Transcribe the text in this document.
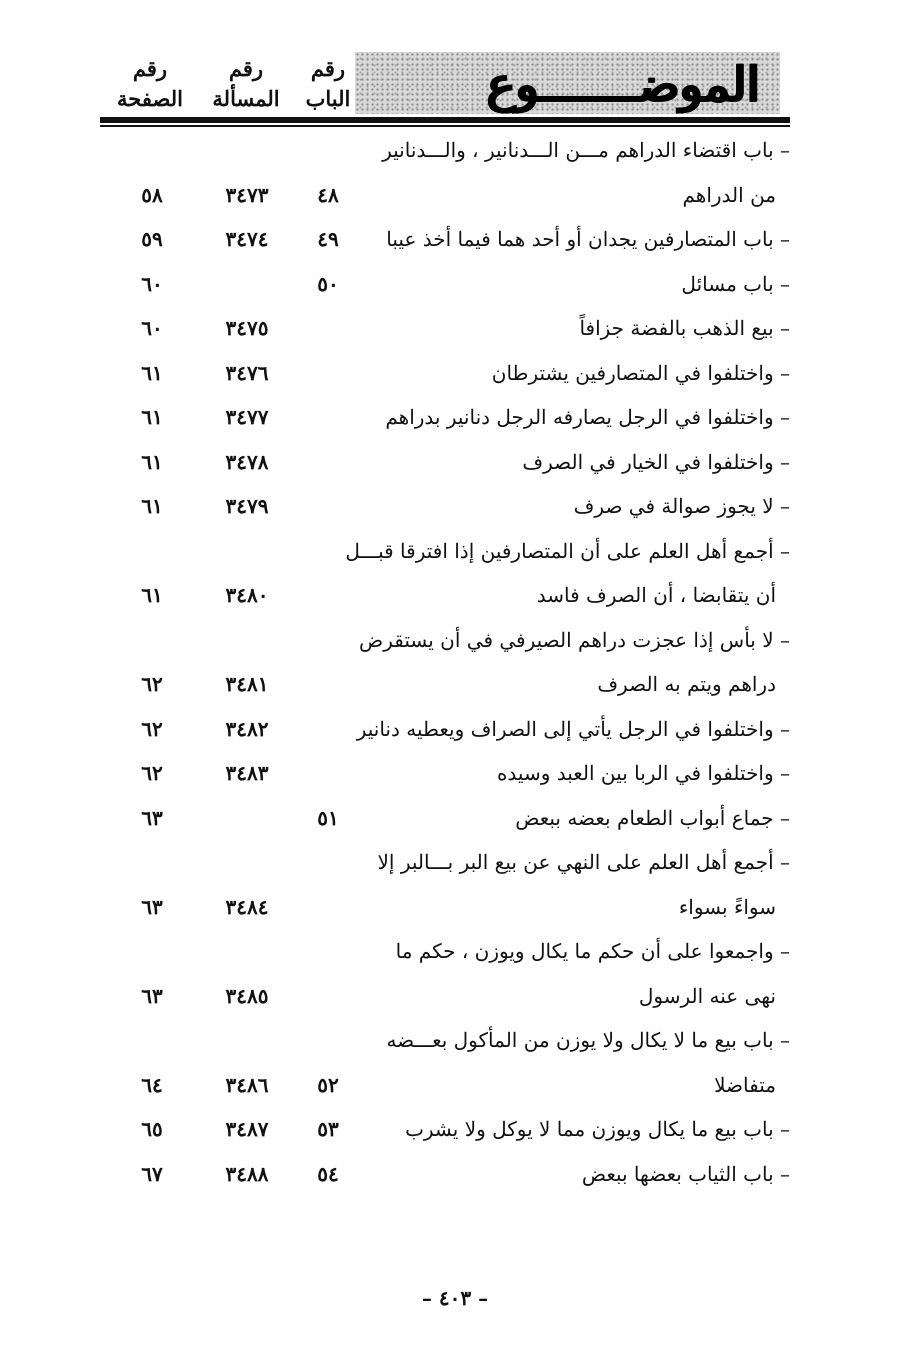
رقم
الصفحة
رقم
المسألة
رقم
الباب	الموضـــــــوع
– باب اقتضاء الدراهم مـــن الـــدنانير ، والـــدنانير
من الدراهم
٤٨
٣٤٧٣
٥٨
– باب المتصارفين يجدان أو أحد هما فيما أخذ عيبا
٤٩
٣٤٧٤
٥٩
– باب مسائل
٥٠
٦٠
– بيع الذهب بالفضة جزافاً
٣٤٧٥
٦٠
– واختلفوا في المتصارفين يشترطان
٣٤٧٦
٦١
– واختلفوا في الرجل يصارفه الرجل دنانير بدراهم
٣٤٧٧
٦١
– واختلفوا في الخيار في الصرف
٣٤٧٨
٦١
– لا يجوز صوالة في صرف
٣٤٧٩
٦١
– أجمع أهل العلم على أن المتصارفين إذا افترقا قبـــل
أن يتقابضا ، أن الصرف فاسد
٣٤٨٠
٦١
– لا بأس إذا عجزت دراهم الصيرفي في أن يستقرض
دراهم ويتم به الصرف
٣٤٨١
٦٢
– واختلفوا في الرجل يأتي إلى الصراف ويعطيه دنانير
٣٤٨٢
٦٢
– واختلفوا في الربا بين العبد وسيده
٣٤٨٣
٦٢
– جماع أبواب الطعام بعضه ببعض
٥١
٦٣
– أجمع أهل العلم على النهي عن بيع البر بـــالبر إلا
سواءً بسواء
٣٤٨٤
٦٣
– واجمعوا على أن حكم ما يكال ويوزن ، حكم ما
نهى عنه الرسول
٣٤٨٥
٦٣
– باب بيع ما لا يكال ولا يوزن من المأكول بعـــضه
متفاضلا
٥٢
٣٤٨٦
٦٤
– باب بيع ما يكال ويوزن مما لا يوكل ولا يشرب
٥٣
٣٤٨٧
٦٥
– باب الثياب بعضها ببعض
٥٤
٣٤٨٨
٦٧
– ٤٠٣ –
